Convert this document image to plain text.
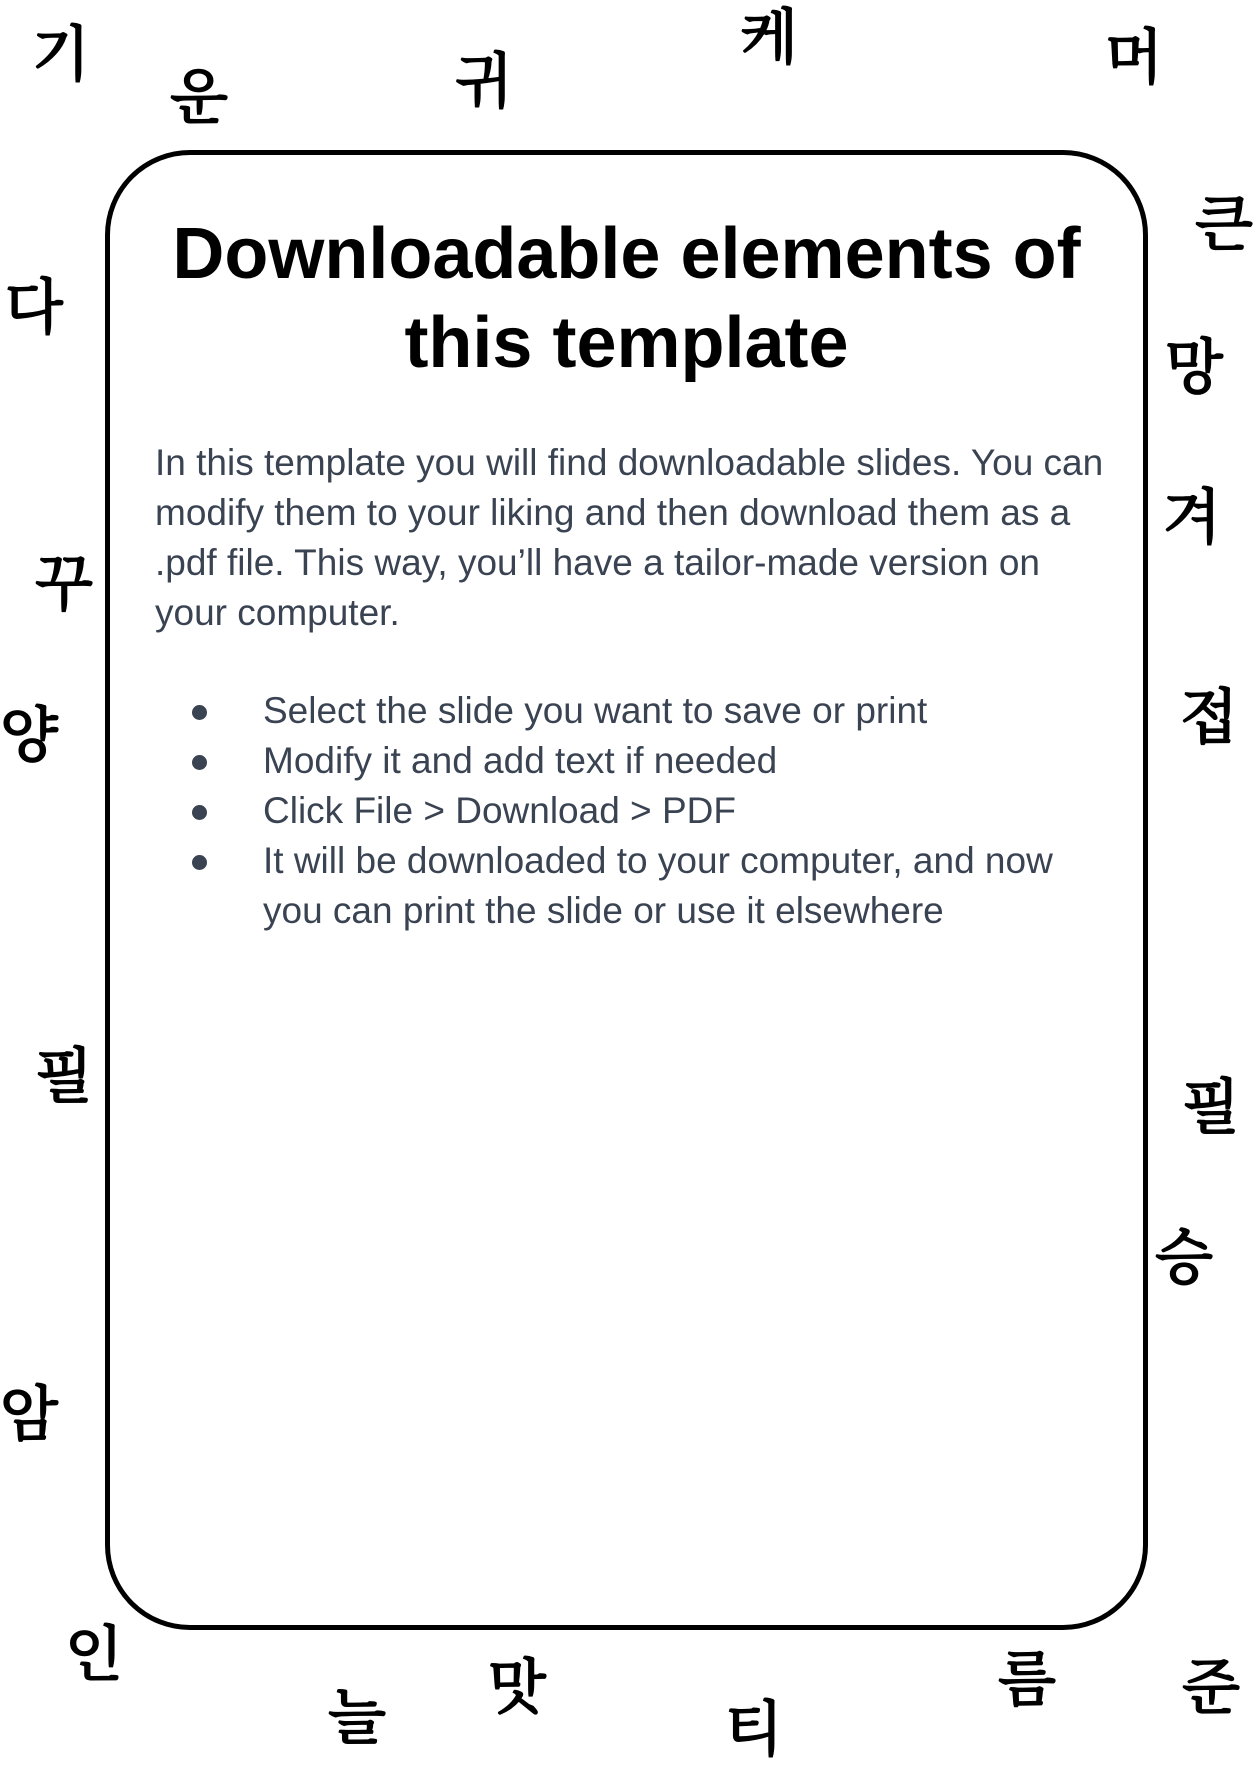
Downloadable elements of this template

In this template you will find downloadable slides. You can modify them to your liking and then download them as a .pdf file. This way, you’ll have a tailor-made version on your computer.

Select the slide you want to save or print
Modify it and add text if needed
Click File > Download > PDF
It will be downloaded to your computer, and now you can print the slide or use it elsewhere
기
운	귀
케	머
다
꾸
양
필
암
큰
망
겨
접
필
승
인
늘 맛
티
름 준
